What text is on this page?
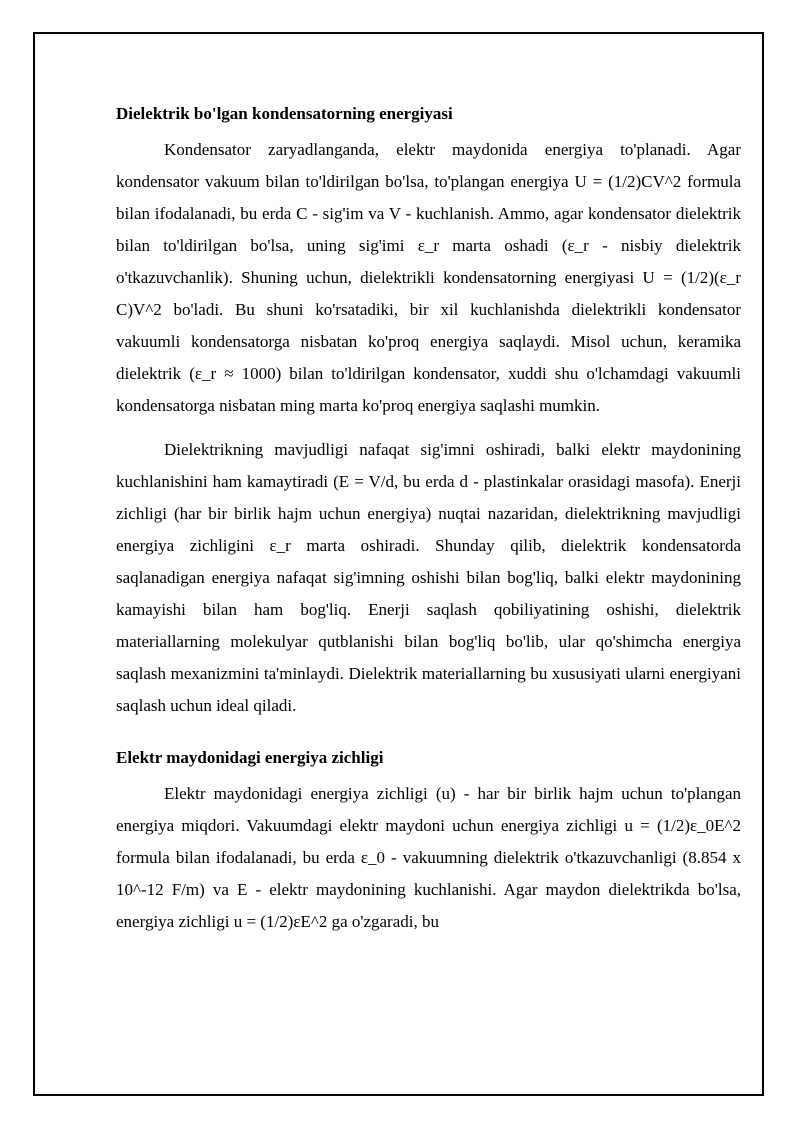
Dielektrik bo'lgan kondensatorning energiyasi

Kondensator zaryadlanganda, elektr maydonida energiya to'planadi. Agar kondensator vakuum bilan to'ldirilgan bo'lsa, to'plangan energiya U = (1/2)CV^2 formula bilan ifodalanadi, bu erda C - sig'im va V - kuchlanish. Ammo, agar kondensator dielektrik bilan to'ldirilgan bo'lsa, uning sig'imi ε_r marta oshadi (ε_r - nisbiy dielektrik o'tkazuvchanlik). Shuning uchun, dielektrikli kondensatorning energiyasi U = (1/2)(ε_r C)V^2 bo'ladi. Bu shuni ko'rsatadiki, bir xil kuchlanishda dielektrikli kondensator vakuumli kondensatorga nisbatan ko'proq energiya saqlaydi. Misol uchun, keramika dielektrik (ε_r ≈ 1000) bilan to'ldirilgan kondensator, xuddi shu o'lchamdagi vakuumli kondensatorga nisbatan ming marta ko'proq energiya saqlashi mumkin.

Dielektrikning mavjudligi nafaqat sig'imni oshiradi, balki elektr maydonining kuchlanishini ham kamaytiradi (E = V/d, bu erda d - plastinkalar orasidagi masofa). Enerji zichligi (har bir birlik hajm uchun energiya) nuqtai nazaridan, dielektrikning mavjudligi energiya zichligini ε_r marta oshiradi. Shunday qilib, dielektrik kondensatorda saqlanadigan energiya nafaqat sig'imning oshishi bilan bog'liq, balki elektr maydonining kamayishi bilan ham bog'liq. Enerji saqlash qobiliyatining oshishi, dielektrik materiallarning molekulyar qutblanishi bilan bog'liq bo'lib, ular qo'shimcha energiya saqlash mexanizmini ta'minlaydi. Dielektrik materiallarning bu xususiyati ularni energiyani saqlash uchun ideal qiladi.

Elektr maydonidagi energiya zichligi

Elektr maydonidagi energiya zichligi (u) - har bir birlik hajm uchun to'plangan energiya miqdori. Vakuumdagi elektr maydoni uchun energiya zichligi u = (1/2)ε_0E^2 formula bilan ifodalanadi, bu erda ε_0 - vakuumning dielektrik o'tkazuvchanligi (8.854 x 10^-12 F/m) va E - elektr maydonining kuchlanishi. Agar maydon dielektrikda bo'lsa, energiya zichligi u = (1/2)εE^2 ga o'zgaradi, bu
